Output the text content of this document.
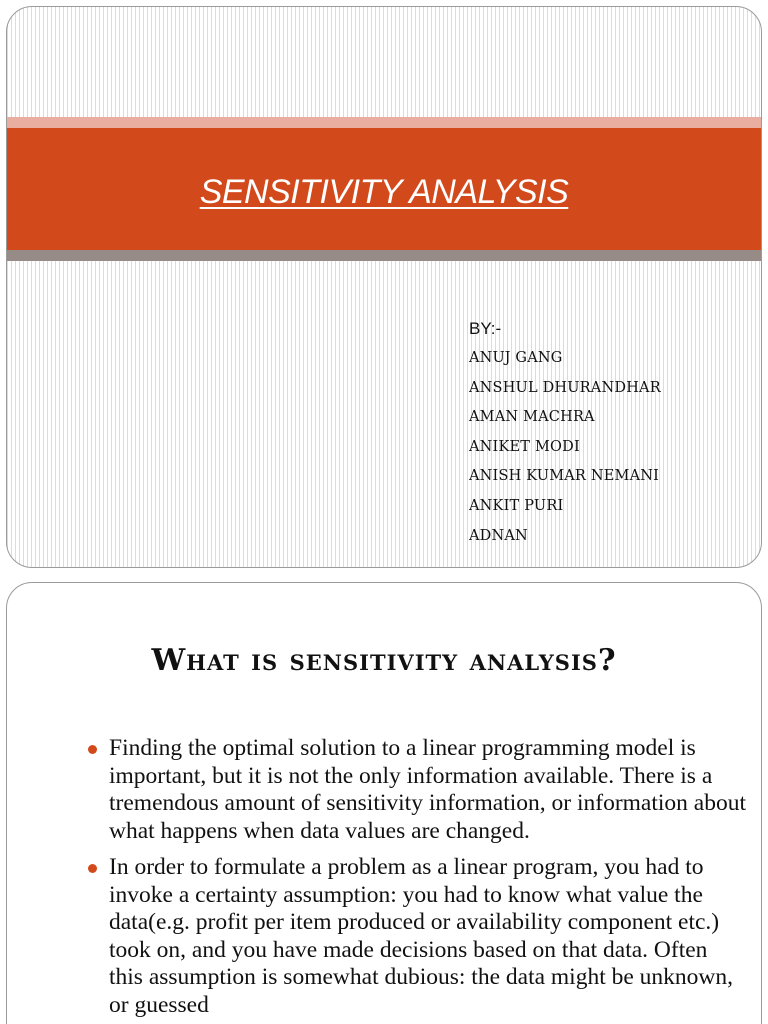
SENSITIVITY ANALYSIS
BY:-
ANUJ GANG
ANSHUL DHURANDHAR
AMAN MACHRA
ANIKET MODI
ANISH KUMAR NEMANI
ANKIT PURI
ADNAN
What is sensitivity analysis?
Finding the optimal solution to a linear programming model is important, but it is not the only information available. There is a tremendous amount of sensitivity information, or information about what happens when data values are changed.
In order to formulate a problem as a linear program, you had to invoke a certainty assumption: you had to know what value the data(e.g. profit per item produced or availability component etc.) took on, and you have made decisions based on that data. Often this assumption is somewhat dubious: the data might be unknown, or guessed
